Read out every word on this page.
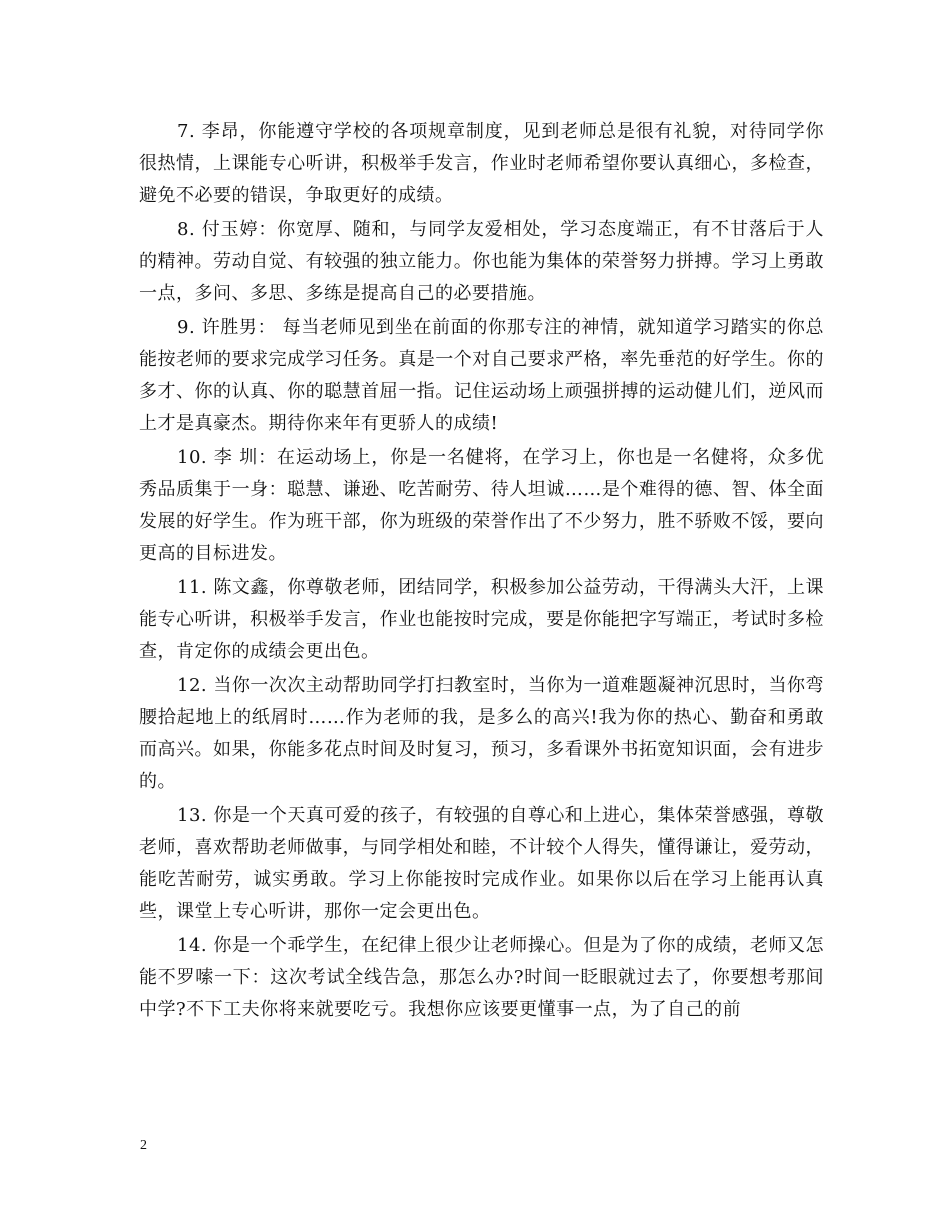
7. 李昂，你能遵守学校的各项规章制度，见到老师总是很有礼貌，对待同学你很热情，上课能专心听讲，积极举手发言，作业时老师希望你要认真细心，多检查，避免不必要的错误，争取更好的成绩。

8. 付玉婷：你宽厚、随和，与同学友爱相处，学习态度端正，有不甘落后于人的精神。劳动自觉、有较强的独立能力。你也能为集体的荣誉努力拼搏。学习上勇敢一点，多问、多思、多练是提高自己的必要措施。

9. 许胜男： 每当老师见到坐在前面的你那专注的神情，就知道学习踏实的你总能按老师的要求完成学习任务。真是一个对自己要求严格，率先垂范的好学生。你的多才、你的认真、你的聪慧首屈一指。记住运动场上顽强拼搏的运动健儿们，逆风而上才是真豪杰。期待你来年有更骄人的成绩!

10. 李 圳：在运动场上，你是一名健将，在学习上，你也是一名健将，众多优秀品质集于一身：聪慧、谦逊、吃苦耐劳、待人坦诚……是个难得的德、智、体全面发展的好学生。作为班干部，你为班级的荣誉作出了不少努力，胜不骄败不馁，要向更高的目标进发。

11. 陈文鑫，你尊敬老师，团结同学，积极参加公益劳动，干得满头大汗，上课能专心听讲，积极举手发言，作业也能按时完成，要是你能把字写端正，考试时多检查，肯定你的成绩会更出色。

12. 当你一次次主动帮助同学打扫教室时，当你为一道难题凝神沉思时，当你弯腰拾起地上的纸屑时……作为老师的我，是多么的高兴!我为你的热心、勤奋和勇敢而高兴。如果，你能多花点时间及时复习，预习，多看课外书拓宽知识面，会有进步的。

13. 你是一个天真可爱的孩子，有较强的自尊心和上进心，集体荣誉感强，尊敬老师，喜欢帮助老师做事，与同学相处和睦，不计较个人得失，懂得谦让，爱劳动，能吃苦耐劳，诚实勇敢。学习上你能按时完成作业。如果你以后在学习上能再认真些，课堂上专心听讲，那你一定会更出色。

14. 你是一个乖学生，在纪律上很少让老师操心。但是为了你的成绩，老师又怎能不罗嗦一下：这次考试全线告急，那怎么办?时间一眨眼就过去了，你要想考那间中学?不下工夫你将来就要吃亏。我想你应该要更懂事一点，为了自己的前

2
